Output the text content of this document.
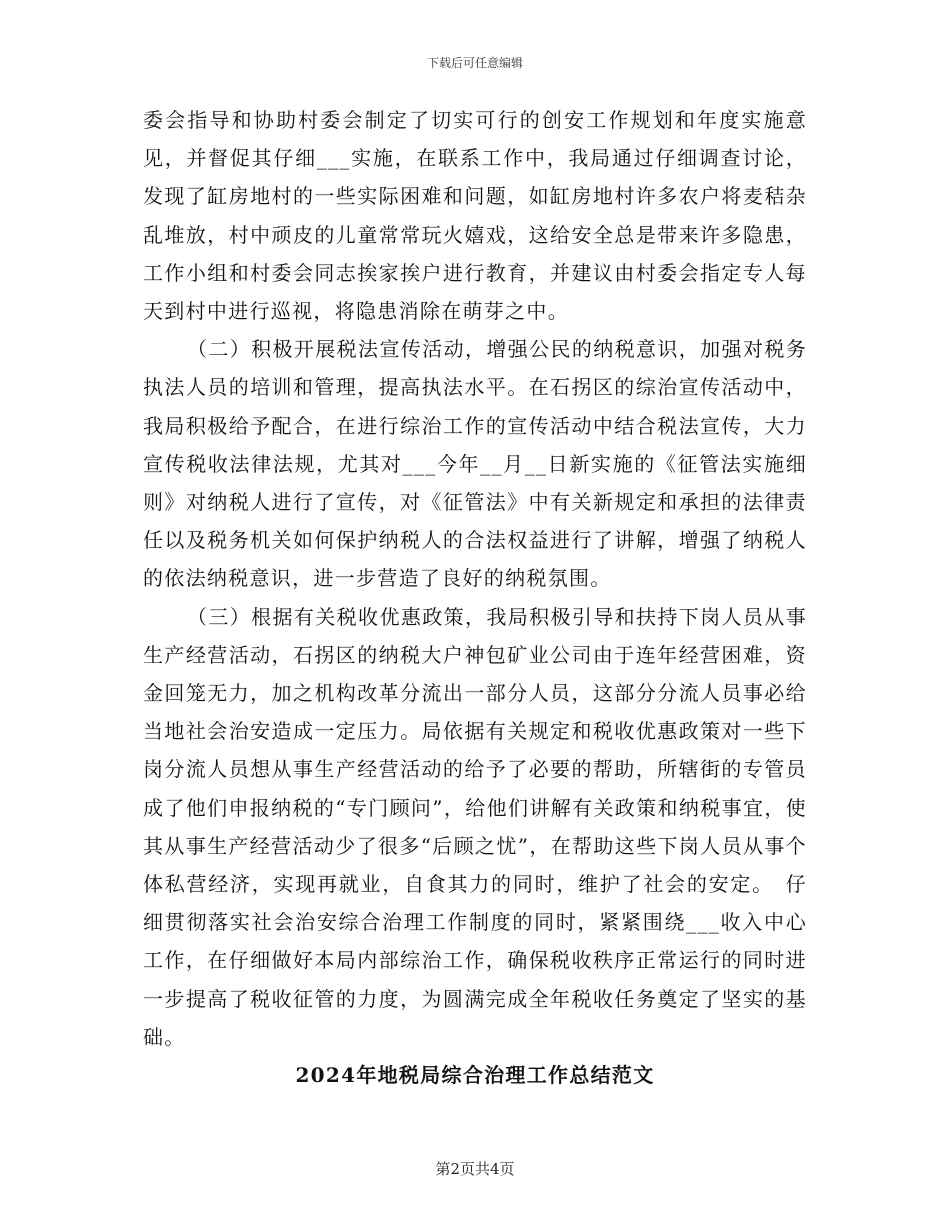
下载后可任意编辑

委会指导和协助村委会制定了切实可行的创安工作规划和年度实施意见，并督促其仔细___实施，在联系工作中，我局通过仔细调查讨论，发现了缸房地村的一些实际困难和问题，如缸房地村许多农户将麦秸杂乱堆放，村中顽皮的儿童常常玩火嬉戏，这给安全总是带来许多隐患，工作小组和村委会同志挨家挨户进行教育，并建议由村委会指定专人每天到村中进行巡视，将隐患消除在萌芽之中。

（二）积极开展税法宣传活动，增强公民的纳税意识，加强对税务执法人员的培训和管理，提高执法水平。在石拐区的综治宣传活动中，我局积极给予配合，在进行综治工作的宣传活动中结合税法宣传，大力宣传税收法律法规，尤其对___今年__月__日新实施的《征管法实施细则》对纳税人进行了宣传，对《征管法》中有关新规定和承担的法律责任以及税务机关如何保护纳税人的合法权益进行了讲解，增强了纳税人的依法纳税意识，进一步营造了良好的纳税氛围。

（三）根据有关税收优惠政策，我局积极引导和扶持下岗人员从事生产经营活动，石拐区的纳税大户神包矿业公司由于连年经营困难，资金回笼无力，加之机构改革分流出一部分人员，这部分分流人员事必给当地社会治安造成一定压力。局依据有关规定和税收优惠政策对一些下岗分流人员想从事生产经营活动的给予了必要的帮助，所辖街的专管员成了他们申报纳税的“专门顾问”，给他们讲解有关政策和纳税事宜，使其从事生产经营活动少了很多“后顾之忧”，在帮助这些下岗人员从事个体私营经济，实现再就业，自食其力的同时，维护了社会的安定。　仔细贯彻落实社会治安综合治理工作制度的同时，紧紧围绕___收入中心工作，在仔细做好本局内部综治工作，确保税收秩序正常运行的同时进一步提高了税收征管的力度，为圆满完成全年税收任务奠定了坚实的基础。

2024年地税局综合治理工作总结范文
第2页共4页
